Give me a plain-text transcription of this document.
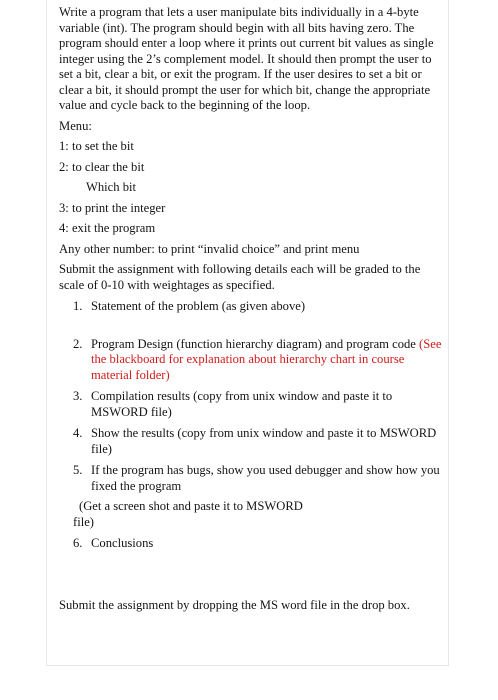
Write a program that lets a user manipulate bits individually in a 4-byte variable (int). The program should begin with all bits having zero. The program should enter a loop where it prints out current bit values as single integer using the 2’s complement model. It should then prompt the user to set a bit, clear a bit, or exit the program. If the user desires to set a bit or clear a bit, it should prompt the user for which bit, change the appropriate value and cycle back to the beginning of the loop.

Menu:

1: to set the bit

2: to clear the bit

Which bit

3: to print the integer

4: exit the program

Any other number: to print “invalid choice” and print menu

Submit the assignment with following details each will be graded to the scale of 0-10 with weightages as specified.

1. Statement of the problem (as given above)
2. Program Design (function hierarchy diagram) and program code (See the blackboard for explanation about hierarchy chart in course material folder)
3. Compilation results (copy from unix window and paste it to MSWORD file)
4. Show the results (copy from unix window and paste it to MSWORD file)
5. If the program has bugs, show you used debugger and show how you fixed the program

(Get a screen shot and paste it to MSWORD

file)

6. Conclusions

Submit the assignment by dropping the MS word file in the drop box.
